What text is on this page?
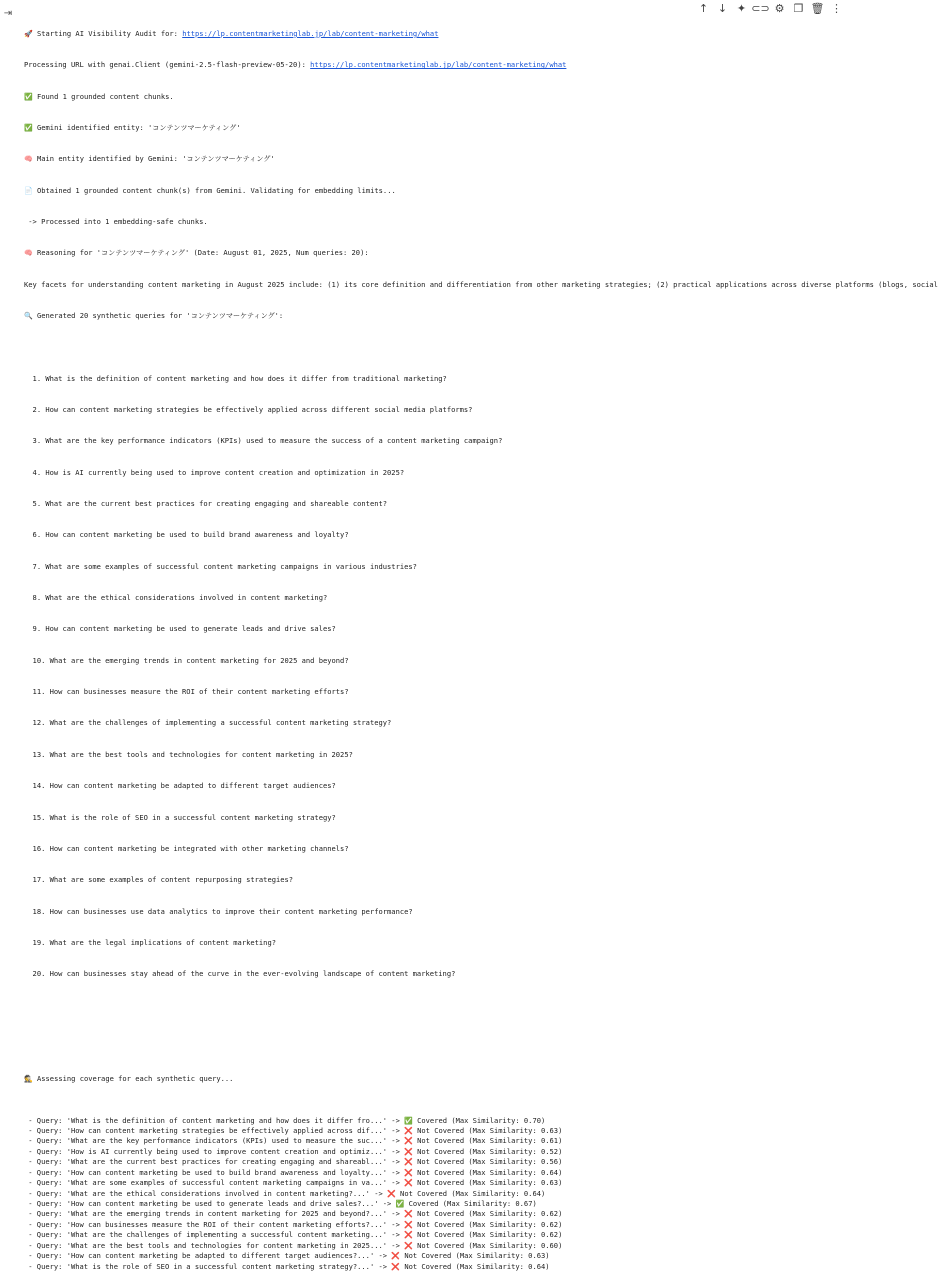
↑ ↓ ✦ ⊂⊃ ⚙ ❐ 🗑 ⋮
⇥

🚀 Starting AI Visibility Audit for: https://lp.contentmarketinglab.jp/lab/content-marketing/what

Processing URL with genai.Client (gemini-2.5-flash-preview-05-20): https://lp.contentmarketinglab.jp/lab/content-marketing/what

✅ Found 1 grounded content chunks.

✅ Gemini identified entity: 'コンテンツマーケティング'

🧠 Main entity identified by Gemini: 'コンテンツマーケティング'

📄 Obtained 1 grounded content chunk(s) from Gemini. Validating for embedding limits...

-> Processed into 1 embedding-safe chunks.

🧠 Reasoning for 'コンテンツマーケティング' (Date: August 01, 2025, Num queries: 20):

Key facets for understanding content marketing in August 2025 include: (1) its core definition and differentiation from other marketing strategies; (2) practical applications across diverse platforms (blogs, social

🔍 Generated 20 synthetic queries for 'コンテンツマーケティング':

1. What is the definition of content marketing and how does it differ from traditional marketing?

2. How can content marketing strategies be effectively applied across different social media platforms?

3. What are the key performance indicators (KPIs) used to measure the success of a content marketing campaign?

4. How is AI currently being used to improve content creation and optimization in 2025?

5. What are the current best practices for creating engaging and shareable content?

6. How can content marketing be used to build brand awareness and loyalty?

7. What are some examples of successful content marketing campaigns in various industries?

8. What are the ethical considerations involved in content marketing?

9. How can content marketing be used to generate leads and drive sales?

10. What are the emerging trends in content marketing for 2025 and beyond?

11. How can businesses measure the ROI of their content marketing efforts?

12. What are the challenges of implementing a successful content marketing strategy?

13. What are the best tools and technologies for content marketing in 2025?

14. How can content marketing be adapted to different target audiences?

15. What is the role of SEO in a successful content marketing strategy?

16. How can content marketing be integrated with other marketing channels?

17. What are some examples of content repurposing strategies?

18. How can businesses use data analytics to improve their content marketing performance?

19. What are the legal implications of content marketing?

20. How can businesses stay ahead of the curve in the ever-evolving landscape of content marketing?

🕵️ Assessing coverage for each synthetic query...

- Query: 'What is the definition of content marketing and how does it differ fro...' -> ✅ Covered (Max Similarity: 0.70)
- Query: 'How can content marketing strategies be effectively applied across dif...' -> ❌ Not Covered (Max Similarity: 0.63)
- Query: 'What are the key performance indicators (KPIs) used to measure the suc...' -> ❌ Not Covered (Max Similarity: 0.61)
- Query: 'How is AI currently being used to improve content creation and optimiz...' -> ❌ Not Covered (Max Similarity: 0.52)
- Query: 'What are the current best practices for creating engaging and shareabl...' -> ❌ Not Covered (Max Similarity: 0.56)
- Query: 'How can content marketing be used to build brand awareness and loyalty...' -> ❌ Not Covered (Max Similarity: 0.64)
- Query: 'What are some examples of successful content marketing campaigns in va...' -> ❌ Not Covered (Max Similarity: 0.63)
- Query: 'What are the ethical considerations involved in content marketing?...' -> ❌ Not Covered (Max Similarity: 0.64)
- Query: 'How can content marketing be used to generate leads and drive sales?...' -> ✅ Covered (Max Similarity: 0.67)
- Query: 'What are the emerging trends in content marketing for 2025 and beyond?...' -> ❌ Not Covered (Max Similarity: 0.62)
- Query: 'How can businesses measure the ROI of their content marketing efforts?...' -> ❌ Not Covered (Max Similarity: 0.62)
- Query: 'What are the challenges of implementing a successful content marketing...' -> ❌ Not Covered (Max Similarity: 0.62)
- Query: 'What are the best tools and technologies for content marketing in 2025...' -> ❌ Not Covered (Max Similarity: 0.60)
- Query: 'How can content marketing be adapted to different target audiences?...' -> ❌ Not Covered (Max Similarity: 0.63)
- Query: 'What is the role of SEO in a successful content marketing strategy?...' -> ❌ Not Covered (Max Similarity: 0.64)
